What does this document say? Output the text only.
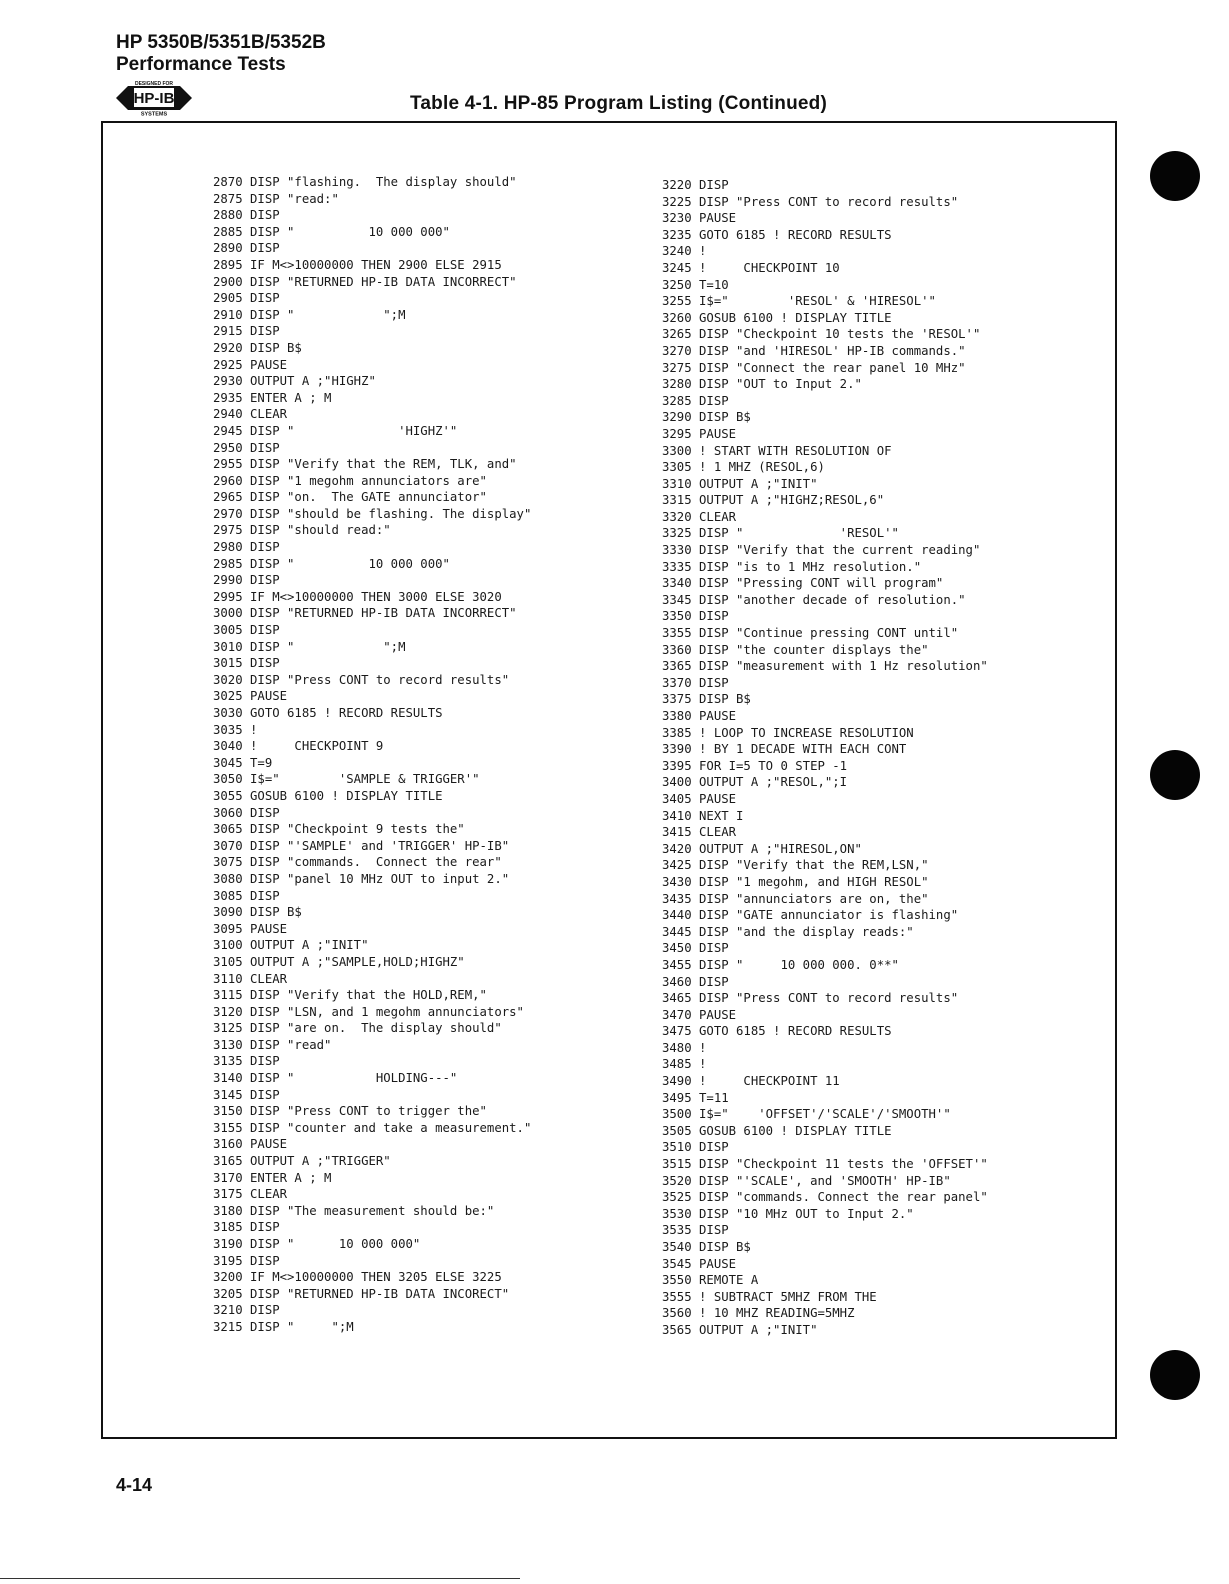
HP 5350B/5351B/5352B
Performance Tests
DESIGNED FOR
HP-IB
SYSTEMS
Table 4-1. HP-85 Program Listing (Continued)
2870 DISP "flashing.  The display should"
2875 DISP "read:"
2880 DISP
2885 DISP "          10 000 000"
2890 DISP
2895 IF M<>10000000 THEN 2900 ELSE 2915
2900 DISP "RETURNED HP-IB DATA INCORRECT"
2905 DISP
2910 DISP "            ";M
2915 DISP
2920 DISP B$
2925 PAUSE
2930 OUTPUT A ;"HIGHZ"
2935 ENTER A ; M
2940 CLEAR
2945 DISP "              'HIGHZ'"
2950 DISP
2955 DISP "Verify that the REM, TLK, and"
2960 DISP "1 megohm annunciators are"
2965 DISP "on.  The GATE annunciator"
2970 DISP "should be flashing. The display"
2975 DISP "should read:"
2980 DISP
2985 DISP "          10 000 000"
2990 DISP
2995 IF M<>10000000 THEN 3000 ELSE 3020
3000 DISP "RETURNED HP-IB DATA INCORRECT"
3005 DISP
3010 DISP "            ";M
3015 DISP
3020 DISP "Press CONT to record results"
3025 PAUSE
3030 GOTO 6185 ! RECORD RESULTS
3035 !
3040 !     CHECKPOINT 9
3045 T=9
3050 I$="        'SAMPLE & TRIGGER'"
3055 GOSUB 6100 ! DISPLAY TITLE
3060 DISP
3065 DISP "Checkpoint 9 tests the"
3070 DISP "'SAMPLE' and 'TRIGGER' HP-IB"
3075 DISP "commands.  Connect the rear"
3080 DISP "panel 10 MHz OUT to input 2."
3085 DISP
3090 DISP B$
3095 PAUSE
3100 OUTPUT A ;"INIT"
3105 OUTPUT A ;"SAMPLE,HOLD;HIGHZ"
3110 CLEAR
3115 DISP "Verify that the HOLD,REM,"
3120 DISP "LSN, and 1 megohm annunciators"
3125 DISP "are on.  The display should"
3130 DISP "read"
3135 DISP
3140 DISP "           HOLDING---"
3145 DISP
3150 DISP "Press CONT to trigger the"
3155 DISP "counter and take a measurement."
3160 PAUSE
3165 OUTPUT A ;"TRIGGER"
3170 ENTER A ; M
3175 CLEAR
3180 DISP "The measurement should be:"
3185 DISP
3190 DISP "      10 000 000"
3195 DISP
3200 IF M<>10000000 THEN 3205 ELSE 3225
3205 DISP "RETURNED HP-IB DATA INCORECT"
3210 DISP
3215 DISP "     ";M
3220 DISP
3225 DISP "Press CONT to record results"
3230 PAUSE
3235 GOTO 6185 ! RECORD RESULTS
3240 !
3245 !     CHECKPOINT 10
3250 T=10
3255 I$="        'RESOL' & 'HIRESOL'"
3260 GOSUB 6100 ! DISPLAY TITLE
3265 DISP "Checkpoint 10 tests the 'RESOL'"
3270 DISP "and 'HIRESOL' HP-IB commands."
3275 DISP "Connect the rear panel 10 MHz"
3280 DISP "OUT to Input 2."
3285 DISP
3290 DISP B$
3295 PAUSE
3300 ! START WITH RESOLUTION OF
3305 ! 1 MHZ (RESOL,6)
3310 OUTPUT A ;"INIT"
3315 OUTPUT A ;"HIGHZ;RESOL,6"
3320 CLEAR
3325 DISP "             'RESOL'"
3330 DISP "Verify that the current reading"
3335 DISP "is to 1 MHz resolution."
3340 DISP "Pressing CONT will program"
3345 DISP "another decade of resolution."
3350 DISP
3355 DISP "Continue pressing CONT until"
3360 DISP "the counter displays the"
3365 DISP "measurement with 1 Hz resolution"
3370 DISP
3375 DISP B$
3380 PAUSE
3385 ! LOOP TO INCREASE RESOLUTION
3390 ! BY 1 DECADE WITH EACH CONT
3395 FOR I=5 TO 0 STEP -1
3400 OUTPUT A ;"RESOL,";I
3405 PAUSE
3410 NEXT I
3415 CLEAR
3420 OUTPUT A ;"HIRESOL,ON"
3425 DISP "Verify that the REM,LSN,"
3430 DISP "1 megohm, and HIGH RESOL"
3435 DISP "annunciators are on, the"
3440 DISP "GATE annunciator is flashing"
3445 DISP "and the display reads:"
3450 DISP
3455 DISP "     10 000 000. 0**"
3460 DISP
3465 DISP "Press CONT to record results"
3470 PAUSE
3475 GOTO 6185 ! RECORD RESULTS
3480 !
3485 !
3490 !     CHECKPOINT 11
3495 T=11
3500 I$="    'OFFSET'/'SCALE'/'SMOOTH'"
3505 GOSUB 6100 ! DISPLAY TITLE
3510 DISP
3515 DISP "Checkpoint 11 tests the 'OFFSET'"
3520 DISP "'SCALE', and 'SMOOTH' HP-IB"
3525 DISP "commands. Connect the rear panel"
3530 DISP "10 MHz OUT to Input 2."
3535 DISP
3540 DISP B$
3545 PAUSE
3550 REMOTE A
3555 ! SUBTRACT 5MHZ FROM THE
3560 ! 10 MHZ READING=5MHZ
3565 OUTPUT A ;"INIT"
4-14
